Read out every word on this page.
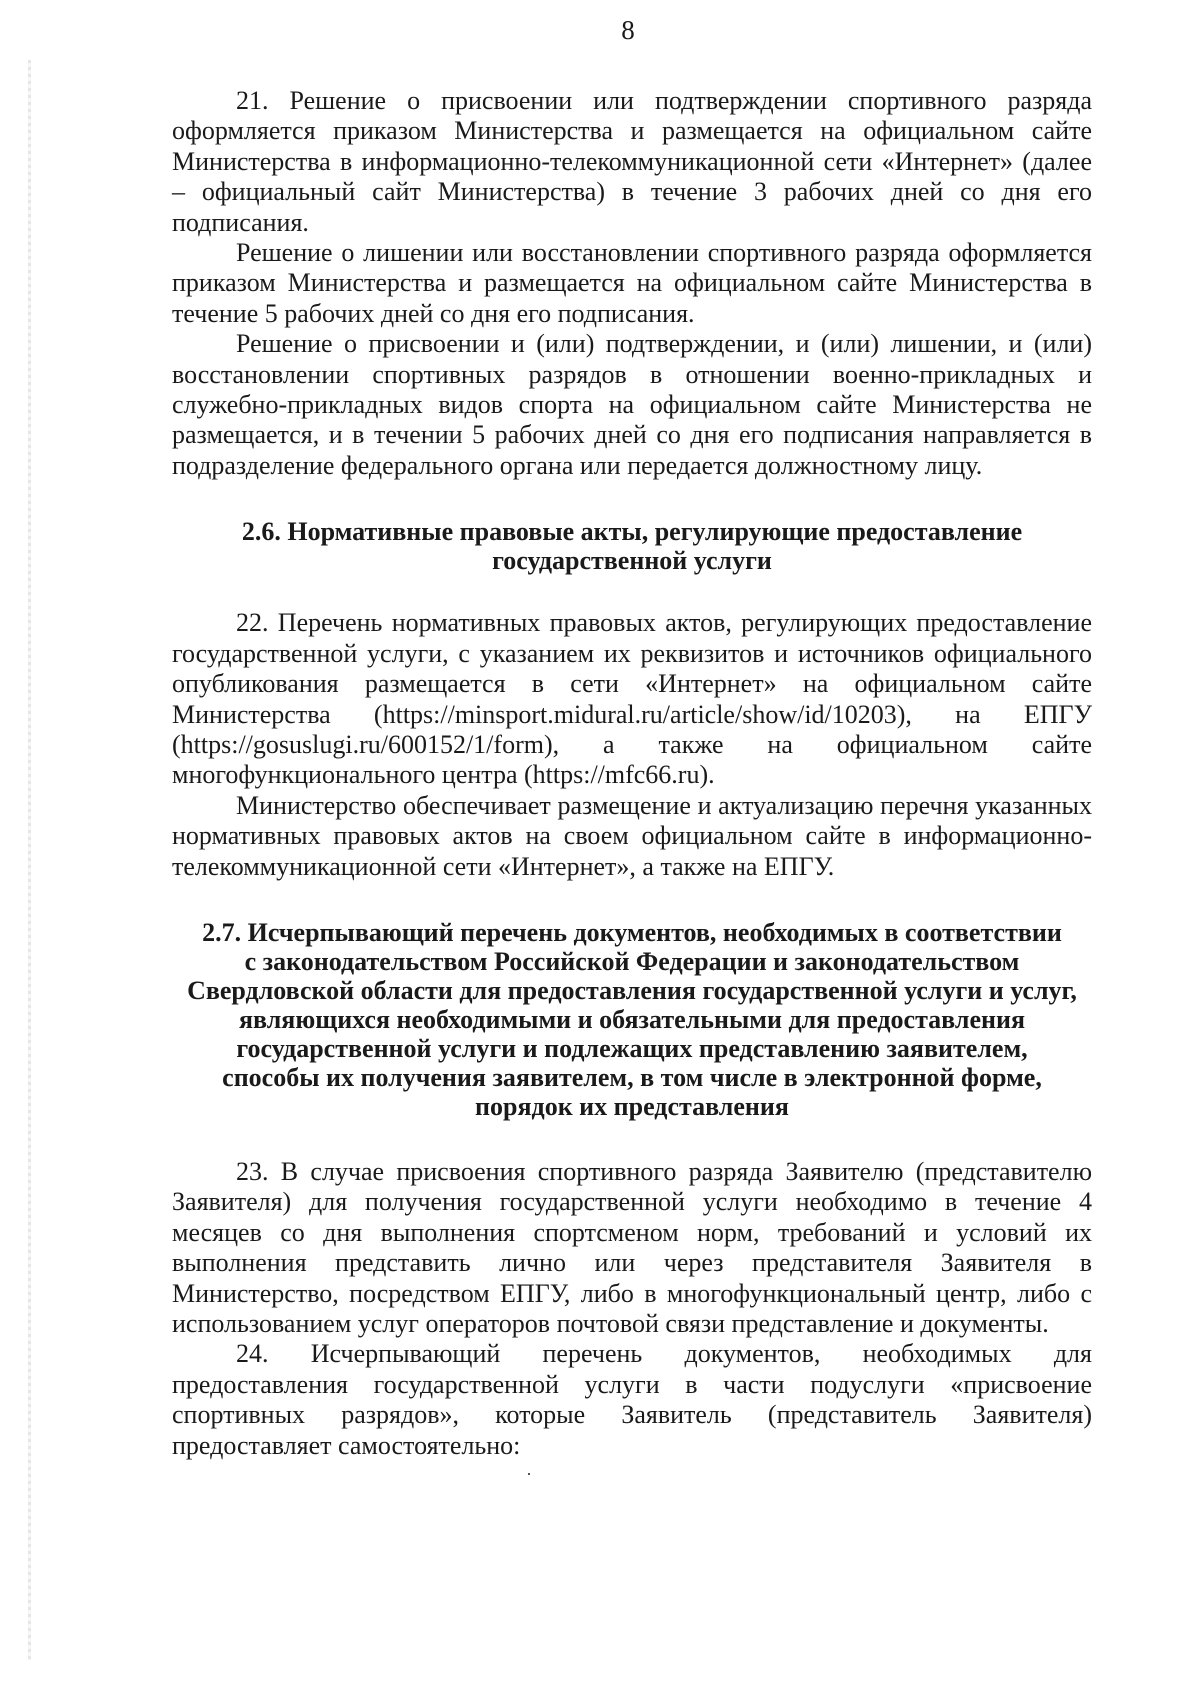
8

21. Решение о присвоении или подтверждении спортивного разряда оформляется приказом Министерства и размещается на официальном сайте Министерства в информационно-телекоммуникационной сети «Интернет» (далее – официальный сайт Министерства) в течение 3 рабочих дней со дня его подписания.

Решение о лишении или восстановлении спортивного разряда оформляется приказом Министерства и размещается на официальном сайте Министерства в течение 5 рабочих дней со дня его подписания.

Решение о присвоении и (или) подтверждении, и (или) лишении, и (или) восстановлении спортивных разрядов в отношении военно-прикладных и служебно-прикладных видов спорта на официальном сайте Министерства не размещается, и в течении 5 рабочих дней со дня его подписания направляется в подразделение федерального органа или передается должностному лицу.

2.6. Нормативные правовые акты, регулирующие предоставление
государственной услуги

22. Перечень нормативных правовых актов, регулирующих предоставление государственной услуги, с указанием их реквизитов и источников официального опубликования размещается в сети «Интернет» на официальном сайте Министерства (https://minsport.midural.ru/article/show/id/10203), на ЕПГУ (https://gosuslugi.ru/600152/1/form), а также на официальном сайте многофункционального центра (https://mfc66.ru).

Министерство обеспечивает размещение и актуализацию перечня указанных нормативных правовых актов на своем официальном сайте в информационно-телекоммуникационной сети «Интернет», а также на ЕПГУ.

2.7. Исчерпывающий перечень документов, необходимых в соответствии
с законодательством Российской Федерации и законодательством
Свердловской области для предоставления государственной услуги и услуг,
являющихся необходимыми и обязательными для предоставления
государственной услуги и подлежащих представлению заявителем,
способы их получения заявителем, в том числе в электронной форме,
порядок их представления

23. В случае присвоения спортивного разряда Заявителю (представителю Заявителя) для получения государственной услуги необходимо в течение 4 месяцев со дня выполнения спортсменом норм, требований и условий их выполнения представить лично или через представителя Заявителя в Министерство, посредством ЕПГУ, либо в многофункциональный центр, либо с использованием услуг операторов почтовой связи представление и документы.

24. Исчерпывающий перечень документов, необходимых для предоставления государственной услуги в части подуслуги «присвоение спортивных разрядов», которые Заявитель (представитель Заявителя) предоставляет самостоятельно:
